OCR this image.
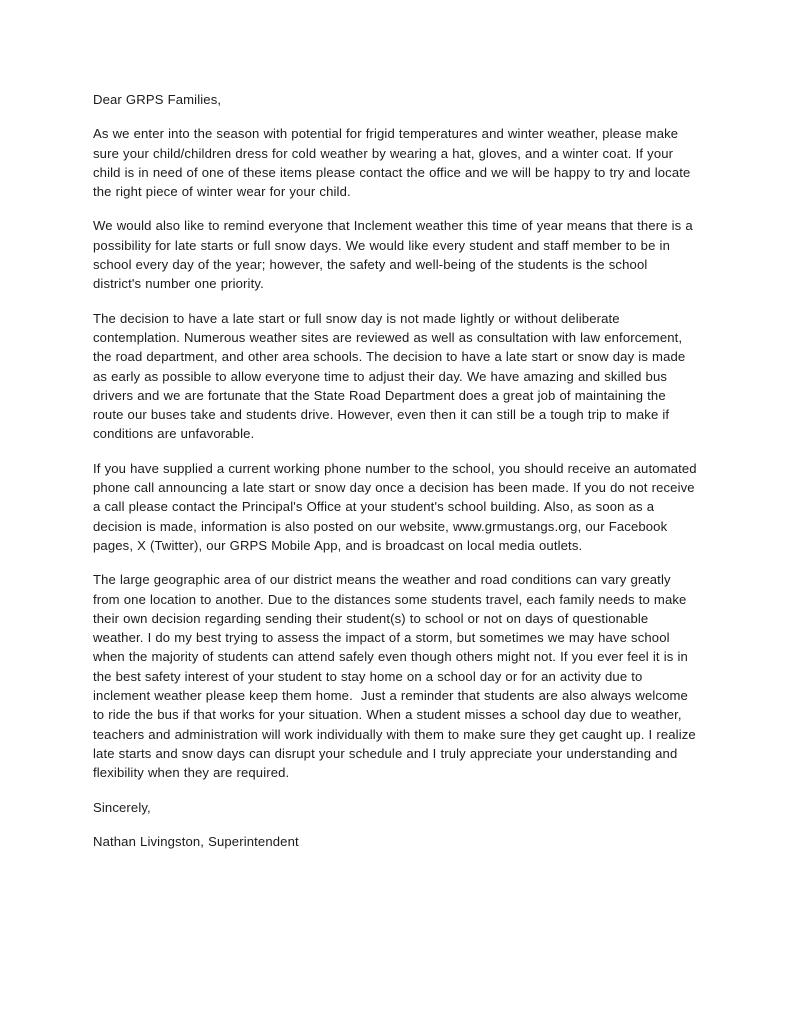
Dear GRPS Families,

As we enter into the season with potential for frigid temperatures and winter weather, please make sure your child/children dress for cold weather by wearing a hat, gloves, and a winter coat. If your child is in need of one of these items please contact the office and we will be happy to try and locate the right piece of winter wear for your child.

We would also like to remind everyone that Inclement weather this time of year means that there is a possibility for late starts or full snow days. We would like every student and staff member to be in school every day of the year; however, the safety and well-being of the students is the school district's number one priority.

The decision to have a late start or full snow day is not made lightly or without deliberate contemplation. Numerous weather sites are reviewed as well as consultation with law enforcement, the road department, and other area schools. The decision to have a late start or snow day is made as early as possible to allow everyone time to adjust their day. We have amazing and skilled bus drivers and we are fortunate that the State Road Department does a great job of maintaining the route our buses take and students drive. However, even then it can still be a tough trip to make if conditions are unfavorable.

If you have supplied a current working phone number to the school, you should receive an automated phone call announcing a late start or snow day once a decision has been made. If you do not receive a call please contact the Principal's Office at your student's school building. Also, as soon as a decision is made, information is also posted on our website, www.grmustangs.org, our Facebook pages, X (Twitter), our GRPS Mobile App, and is broadcast on local media outlets.

The large geographic area of our district means the weather and road conditions can vary greatly from one location to another. Due to the distances some students travel, each family needs to make their own decision regarding sending their student(s) to school or not on days of questionable weather. I do my best trying to assess the impact of a storm, but sometimes we may have school when the majority of students can attend safely even though others might not. If you ever feel it is in the best safety interest of your student to stay home on a school day or for an activity due to inclement weather please keep them home.  Just a reminder that students are also always welcome to ride the bus if that works for your situation. When a student misses a school day due to weather, teachers and administration will work individually with them to make sure they get caught up. I realize late starts and snow days can disrupt your schedule and I truly appreciate your understanding and flexibility when they are required.

Sincerely,

Nathan Livingston, Superintendent
